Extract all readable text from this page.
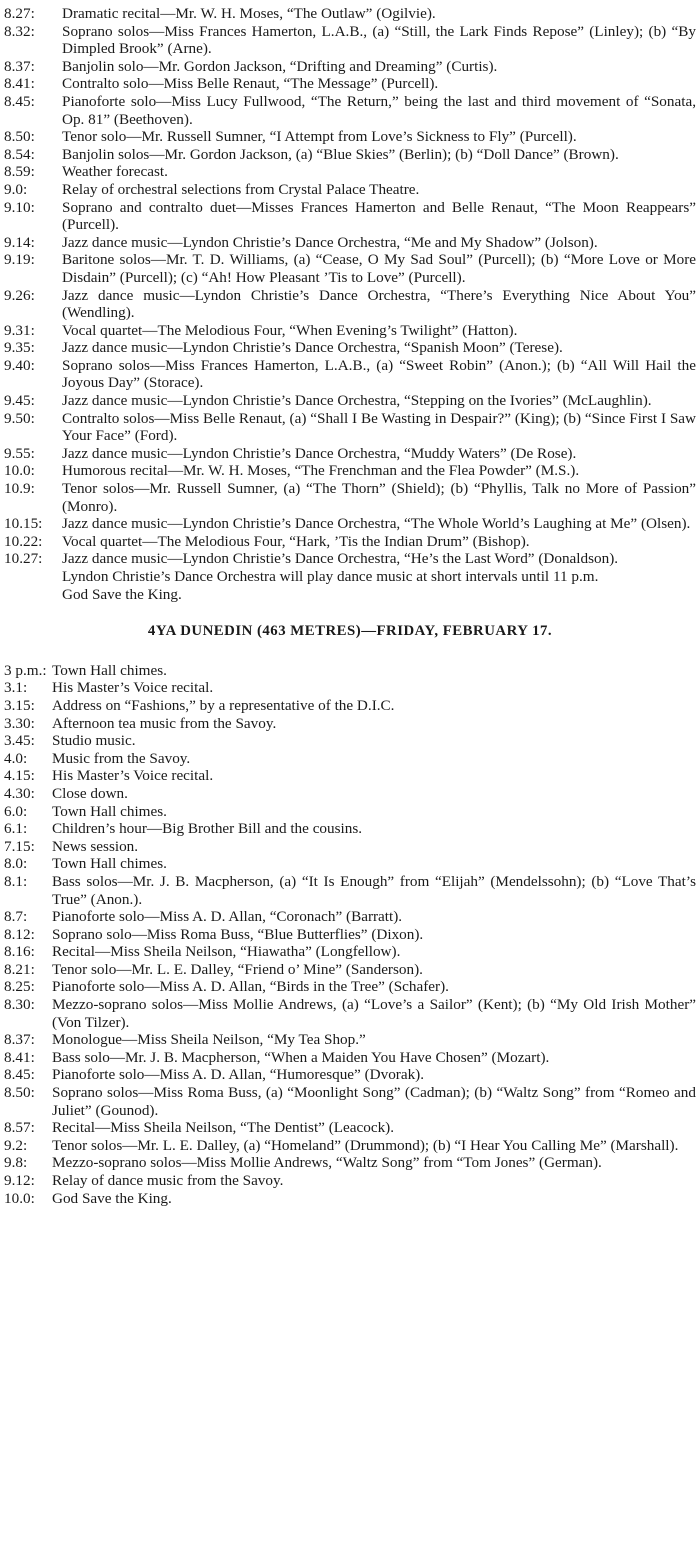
8.27: Dramatic recital—Mr. W. H. Moses, “The Outlaw” (Ogilvie).
8.32: Soprano solos—Miss Frances Hamerton, L.A.B., (a) “Still, the Lark Finds Repose” (Linley); (b) “By Dimpled Brook” (Arne).
8.37: Banjolin solo—Mr. Gordon Jackson, “Drifting and Dreaming” (Curtis).
8.41: Contralto solo—Miss Belle Renaut, “The Message” (Purcell).
8.45: Pianoforte solo—Miss Lucy Fullwood, “The Return,” being the last and third movement of “Sonata, Op. 81” (Beethoven).
8.50: Tenor solo—Mr. Russell Sumner, “I Attempt from Love’s Sickness to Fly” (Purcell).
8.54: Banjolin solos—Mr. Gordon Jackson, (a) “Blue Skies” (Berlin); (b) “Doll Dance” (Brown).
8.59: Weather forecast.
9.0: Relay of orchestral selections from Crystal Palace Theatre.
9.10: Soprano and contralto duet—Misses Frances Hamerton and Belle Renaut, “The Moon Reappears” (Purcell).
9.14: Jazz dance music—Lyndon Christie’s Dance Orchestra, “Me and My Shadow” (Jolson).
9.19: Baritone solos—Mr. T. D. Williams, (a) “Cease, O My Sad Soul” (Purcell); (b) “More Love or More Disdain” (Purcell); (c) “Ah! How Pleasant ’Tis to Love” (Purcell).
9.26: Jazz dance music—Lyndon Christie’s Dance Orchestra, “There’s Everything Nice About You” (Wendling).
9.31: Vocal quartet—The Melodious Four, “When Evening’s Twilight” (Hatton).
9.35: Jazz dance music—Lyndon Christie’s Dance Orchestra, “Spanish Moon” (Terese).
9.40: Soprano solos—Miss Frances Hamerton, L.A.B., (a) “Sweet Robin” (Anon.); (b) “All Will Hail the Joyous Day” (Storace).
9.45: Jazz dance music—Lyndon Christie’s Dance Orchestra, “Stepping on the Ivories” (McLaughlin).
9.50: Contralto solos—Miss Belle Renaut, (a) “Shall I Be Wasting in Despair?” (King); (b) “Since First I Saw Your Face” (Ford).
9.55: Jazz dance music—Lyndon Christie’s Dance Orchestra, “Muddy Waters” (De Rose).
10.0: Humorous recital—Mr. W. H. Moses, “The Frenchman and the Flea Powder” (M.S.).
10.9: Tenor solos—Mr. Russell Sumner, (a) “The Thorn” (Shield); (b) “Phyllis, Talk no More of Passion” (Monro).
10.15: Jazz dance music—Lyndon Christie’s Dance Orchestra, “The Whole World’s Laughing at Me” (Olsen).
10.22: Vocal quartet—The Melodious Four, “Hark, ’Tis the Indian Drum” (Bishop).
10.27: Jazz dance music—Lyndon Christie’s Dance Orchestra, “He’s the Last Word” (Donaldson).
Lyndon Christie’s Dance Orchestra will play dance music at short intervals until 11 p.m.
God Save the King.
4YA DUNEDIN (463 METRES)—FRIDAY, FEBRUARY 17.
3 p.m.: Town Hall chimes.
3.1: His Master’s Voice recital.
3.15: Address on “Fashions,” by a representative of the D.I.C.
3.30: Afternoon tea music from the Savoy.
3.45: Studio music.
4.0: Music from the Savoy.
4.15: His Master’s Voice recital.
4.30: Close down.
6.0: Town Hall chimes.
6.1: Children’s hour—Big Brother Bill and the cousins.
7.15: News session.
8.0: Town Hall chimes.
8.1: Bass solos—Mr. J. B. Macpherson, (a) “It Is Enough” from “Elijah” (Mendelssohn); (b) “Love That’s True” (Anon.).
8.7: Pianoforte solo—Miss A. D. Allan, “Coronach” (Barratt).
8.12: Soprano solo—Miss Roma Buss, “Blue Butterflies” (Dixon).
8.16: Recital—Miss Sheila Neilson, “Hiawatha” (Longfellow).
8.21: Tenor solo—Mr. L. E. Dalley, “Friend o’ Mine” (Sanderson).
8.25: Pianoforte solo—Miss A. D. Allan, “Birds in the Tree” (Schafer).
8.30: Mezzo-soprano solos—Miss Mollie Andrews, (a) “Love’s a Sailor” (Kent); (b) “My Old Irish Mother” (Von Tilzer).
8.37: Monologue—Miss Sheila Neilson, “My Tea Shop.”
8.41: Bass solo—Mr. J. B. Macpherson, “When a Maiden You Have Chosen” (Mozart).
8.45: Pianoforte solo—Miss A. D. Allan, “Humoresque” (Dvorak).
8.50: Soprano solos—Miss Roma Buss, (a) “Moonlight Song” (Cadman); (b) “Waltz Song” from “Romeo and Juliet” (Gounod).
8.57: Recital—Miss Sheila Neilson, “The Dentist” (Leacock).
9.2: Tenor solos—Mr. L. E. Dalley, (a) “Homeland” (Drummond); (b) “I Hear You Calling Me” (Marshall).
9.8: Mezzo-soprano solos—Miss Mollie Andrews, “Waltz Song” from “Tom Jones” (German).
9.12: Relay of dance music from the Savoy.
10.0: God Save the King.
